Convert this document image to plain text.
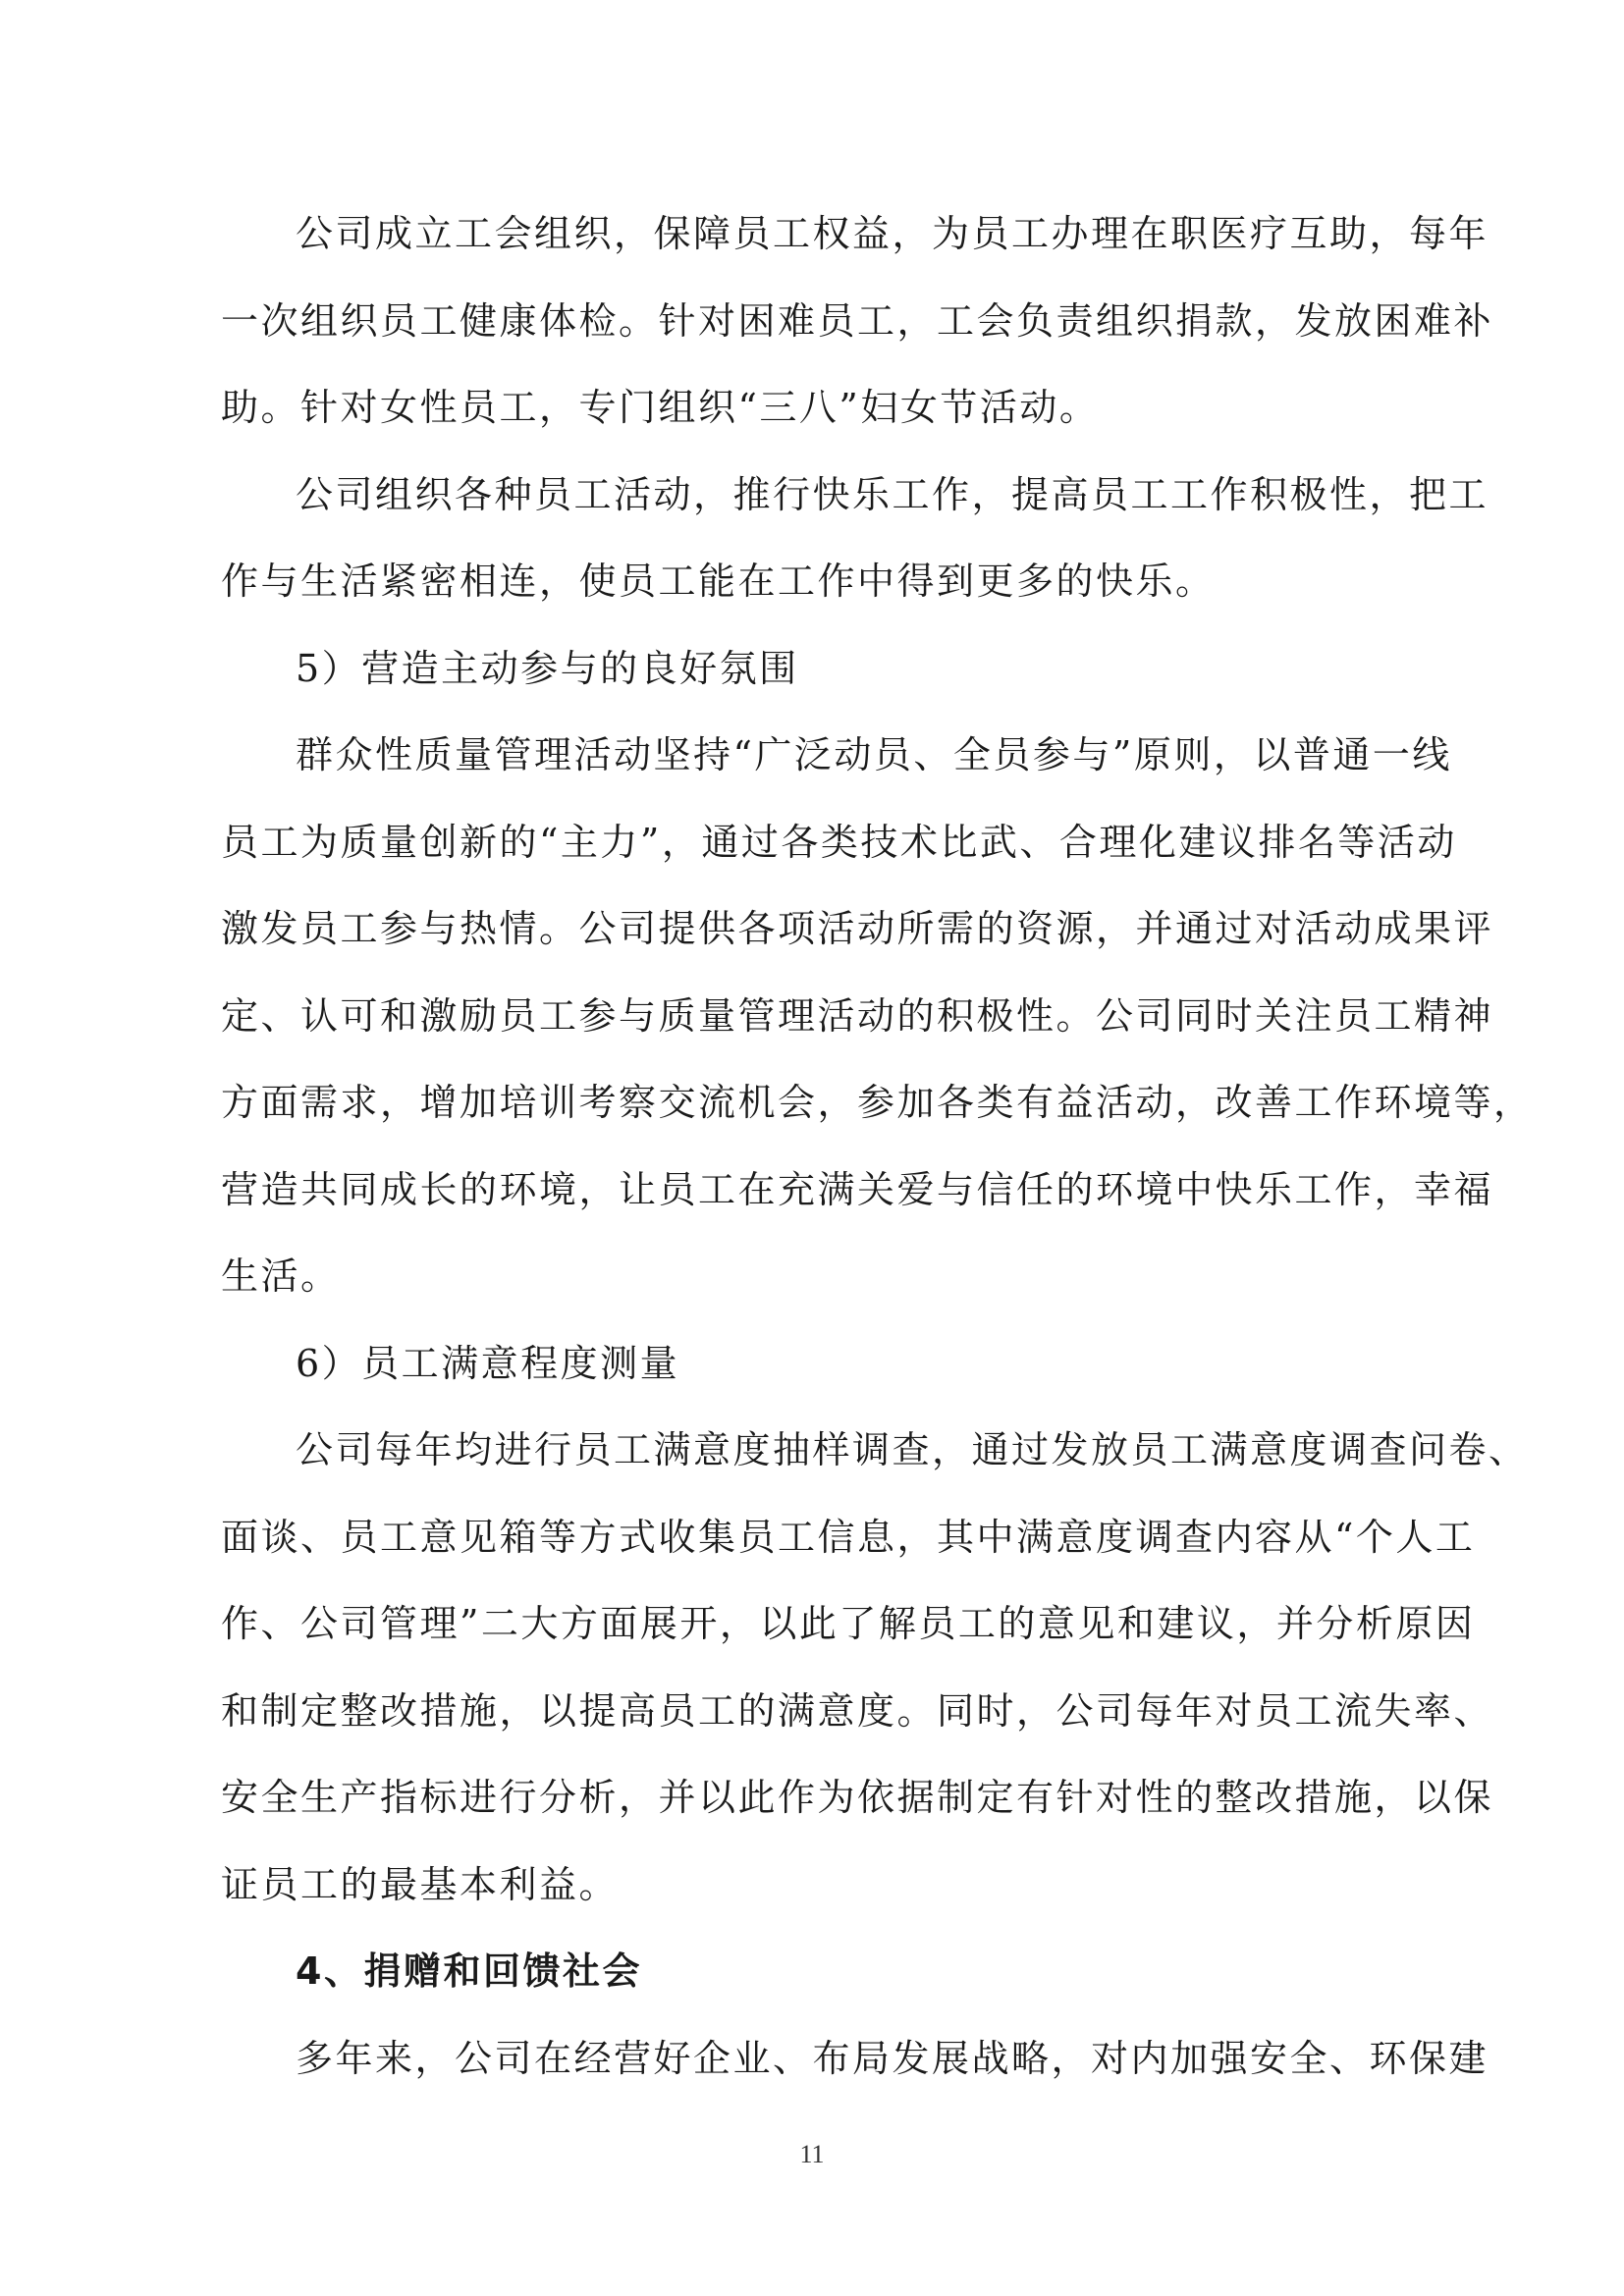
公司成立工会组织，保障员工权益，为员工办理在职医疗互助，每年
一次组织员工健康体检。针对困难员工，工会负责组织捐款，发放困难补
助。针对女性员工，专门组织“三八”妇女节活动。
公司组织各种员工活动，推行快乐工作，提高员工工作积极性，把工
作与生活紧密相连，使员工能在工作中得到更多的快乐。
5）营造主动参与的良好氛围
群众性质量管理活动坚持“广泛动员、全员参与”原则，以普通一线
员工为质量创新的“主力”，通过各类技术比武、合理化建议排名等活动
激发员工参与热情。公司提供各项活动所需的资源，并通过对活动成果评
定、认可和激励员工参与质量管理活动的积极性。公司同时关注员工精神
方面需求，增加培训考察交流机会，参加各类有益活动，改善工作环境等，
营造共同成长的环境，让员工在充满关爱与信任的环境中快乐工作，幸福
生活。
6）员工满意程度测量
公司每年均进行员工满意度抽样调查，通过发放员工满意度调查问卷、
面谈、员工意见箱等方式收集员工信息，其中满意度调查内容从“个人工
作、公司管理”二大方面展开，以此了解员工的意见和建议，并分析原因
和制定整改措施，以提高员工的满意度。同时，公司每年对员工流失率、
安全生产指标进行分析，并以此作为依据制定有针对性的整改措施，以保
证员工的最基本利益。
4、捐赠和回馈社会
多年来，公司在经营好企业、布局发展战略，对内加强安全、环保建
11
